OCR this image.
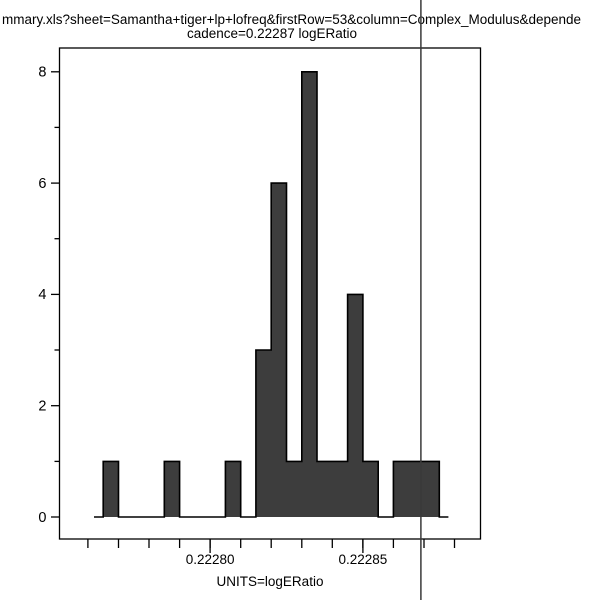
mmary.xls?sheet=Samantha+tiger+lp+lofreq&firstRow=53&column=Complex_Modulus&depende
cadence=0.22287 logERatio
0.22280	0.22285
0
2
4
6
8
UNITS=logERatio
